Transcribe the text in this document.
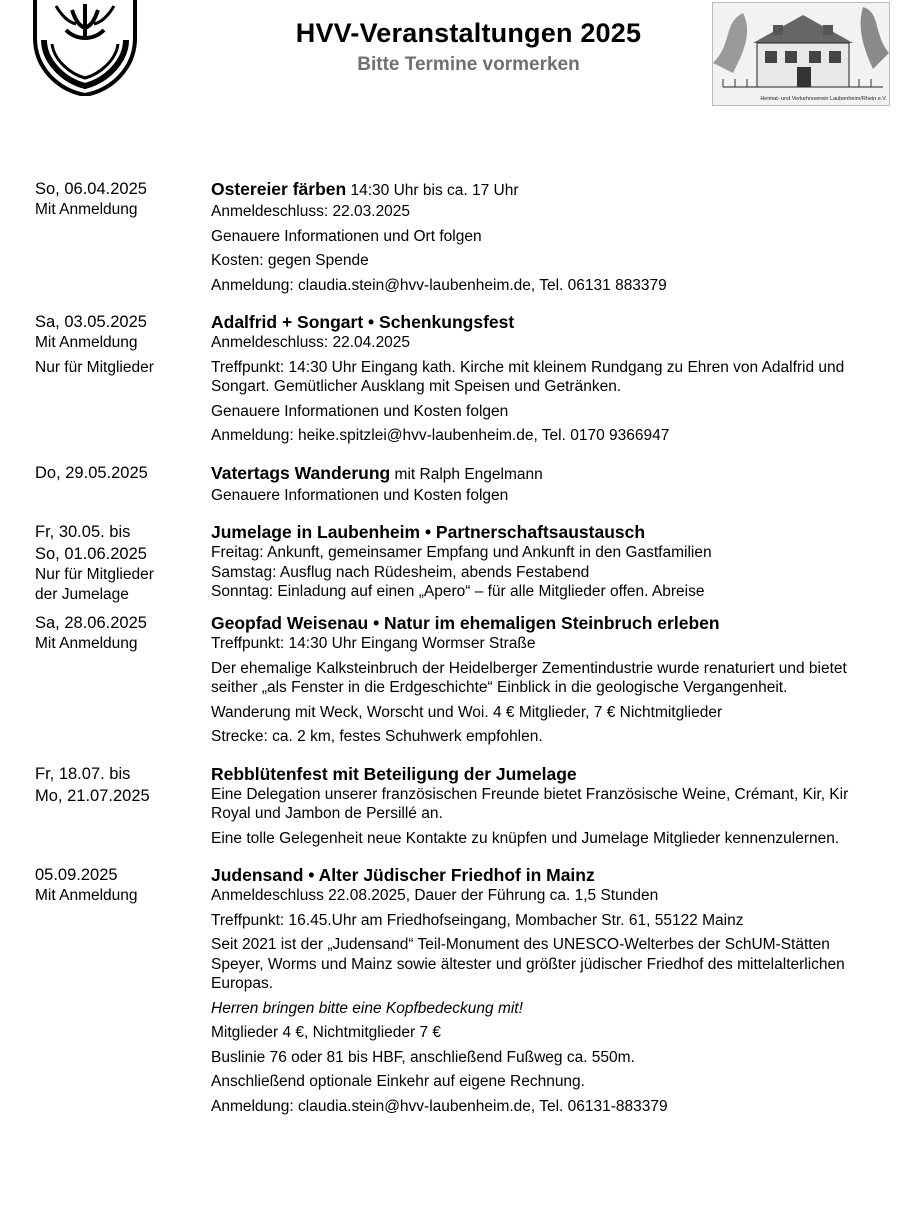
HVV-Veranstaltungen 2025
Bitte Termine vormerken
Heimat- und Verkehrsverein Laubenheim/Rhein e.V.
So, 06.04.2025
Mit Anmeldung
Ostereier färben 14:30 Uhr bis ca. 17 Uhr
Anmeldeschluss: 22.03.2025
Genauere Informationen und Ort folgen
Kosten: gegen Spende
Anmeldung: claudia.stein@hvv-laubenheim.de, Tel. 06131 883379
Sa, 03.05.2025
Mit Anmeldung
Nur für Mitglieder
Adalfrid + Songart • Schenkungsfest
Anmeldeschluss: 22.04.2025
Treffpunkt: 14:30 Uhr Eingang kath. Kirche mit kleinem Rundgang zu Ehren von Adalfrid und Songart. Gemütlicher Ausklang mit Speisen und Getränken.
Genauere Informationen und Kosten folgen
Anmeldung: heike.spitzlei@hvv-laubenheim.de, Tel. 0170 9366947
Do, 29.05.2025	Vatertags Wanderung mit Ralph Engelmann
Genauere Informationen und Kosten folgen
Fr, 30.05. bis
So, 01.06.2025
Nur für Mitglieder
der Jumelage
Jumelage in Laubenheim • Partnerschaftsaustausch
Freitag: Ankunft, gemeinsamer Empfang und Ankunft in den Gastfamilien
Samstag: Ausflug nach Rüdesheim, abends Festabend
Sonntag: Einladung auf einen „Apero“ – für alle Mitglieder offen. Abreise
Sa, 28.06.2025
Mit Anmeldung
Geopfad Weisenau • Natur im ehemaligen Steinbruch erleben
Treffpunkt: 14:30 Uhr Eingang Wormser Straße
Der ehemalige Kalksteinbruch der Heidelberger Zementindustrie wurde renaturiert und bietet seither „als Fenster in die Erdgeschichte“ Einblick in die geologische Vergangenheit.
Wanderung mit Weck, Worscht und Woi. 4 € Mitglieder, 7 € Nichtmitglieder
Strecke: ca. 2 km, festes Schuhwerk empfohlen.
Fr, 18.07. bis
Mo, 21.07.2025
Rebblütenfest mit Beteiligung der Jumelage
Eine Delegation unserer französischen Freunde bietet Französische Weine, Crémant, Kir, Kir Royal und Jambon de Persillé an.
Eine tolle Gelegenheit neue Kontakte zu knüpfen und Jumelage Mitglieder kennenzulernen.
05.09.2025
Mit Anmeldung
Judensand • Alter Jüdischer Friedhof in Mainz
Anmeldeschluss 22.08.2025, Dauer der Führung ca. 1,5 Stunden
Treffpunkt: 16.45.Uhr am Friedhofseingang, Mombacher Str. 61, 55122 Mainz
Seit 2021 ist der „Judensand“ Teil-Monument des UNESCO-Welterbes der SchUM-Stätten Speyer, Worms und Mainz sowie ältester und größter jüdischer Friedhof des mittelalterlichen Europas.
Herren bringen bitte eine Kopfbedeckung mit!
Mitglieder 4 €, Nichtmitglieder 7 €
Buslinie 76 oder 81 bis HBF, anschließend Fußweg ca. 550m.
Anschließend optionale Einkehr auf eigene Rechnung.
Anmeldung: claudia.stein@hvv-laubenheim.de, Tel. 06131-883379
